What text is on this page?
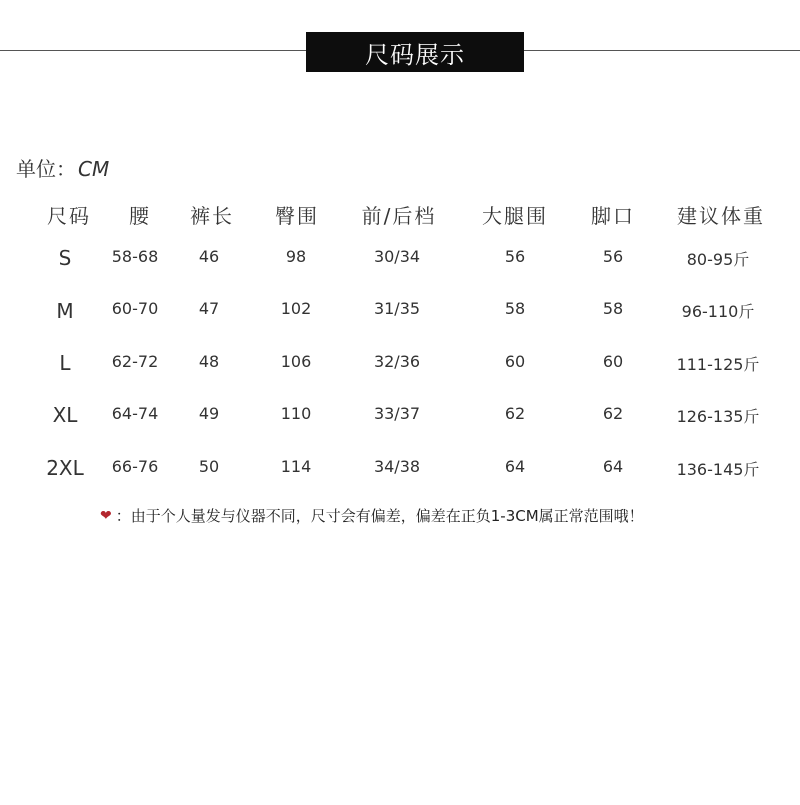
尺码展示
单位： CM
尺码 腰 裤长 臀围 前/后档 大腿围 脚口 建议体重
S	58-68	46	98	30/34	56	56	80-95斤
M 60-70	47	102	31/35	58	58	96-110斤
L	62-72	48	106	32/36	60	60	111-125斤
XL 64-74	49	110	33/37	62	62	126-135斤
2XL 66-76	50	114	34/38	64	64	136-145斤
❤ ： 由于个人量发与仪器不同，尺寸会有偏差，偏差在正负1-3CM属正常范围哦！
